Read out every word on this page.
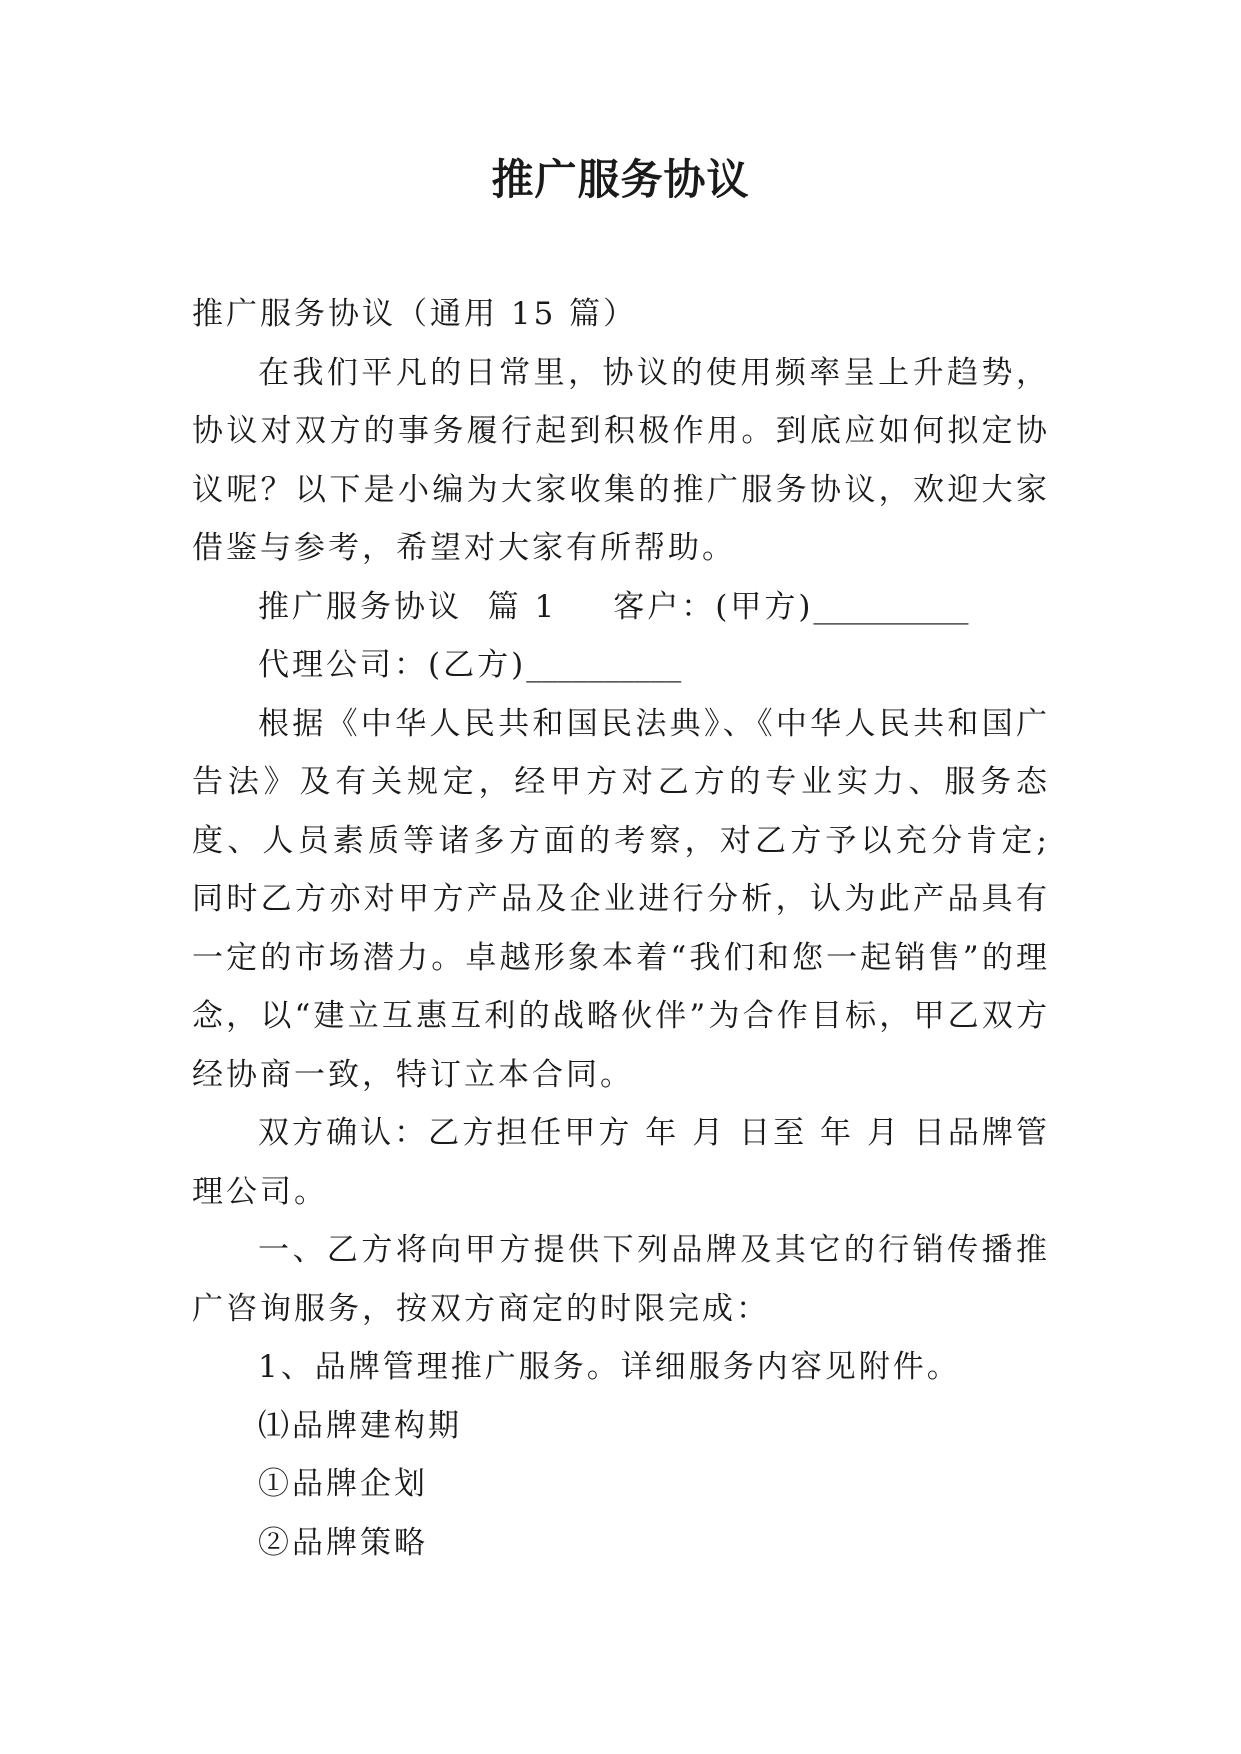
推广服务协议

推广服务协议（通用 15 篇）

在我们平凡的日常里，协议的使用频率呈上升趋势，协议对双方的事务履行起到积极作用。到底应如何拟定协议呢？以下是小编为大家收集的推广服务协议，欢迎大家借鉴与参考，希望对大家有所帮助。

推广服务协议  篇 1 客户：(甲方)__________

代理公司：(乙方)__________

根据《中华人民共和国民法典》、《中华人民共和国广告法》及有关规定，经甲方对乙方的专业实力、服务态度、人员素质等诸多方面的考察，对乙方予以充分肯定;同时乙方亦对甲方产品及企业进行分析，认为此产品具有一定的市场潜力。卓越形象本着“我们和您一起销售”的理念，以“建立互惠互利的战略伙伴”为合作目标，甲乙双方经协商一致，特订立本合同。

双方确认：乙方担任甲方 年 月 日至 年 月 日品牌管理公司。

一、乙方将向甲方提供下列品牌及其它的行销传播推广咨询服务，按双方商定的时限完成：

1、品牌管理推广服务。详细服务内容见附件。

⑴品牌建构期

①品牌企划

②品牌策略
